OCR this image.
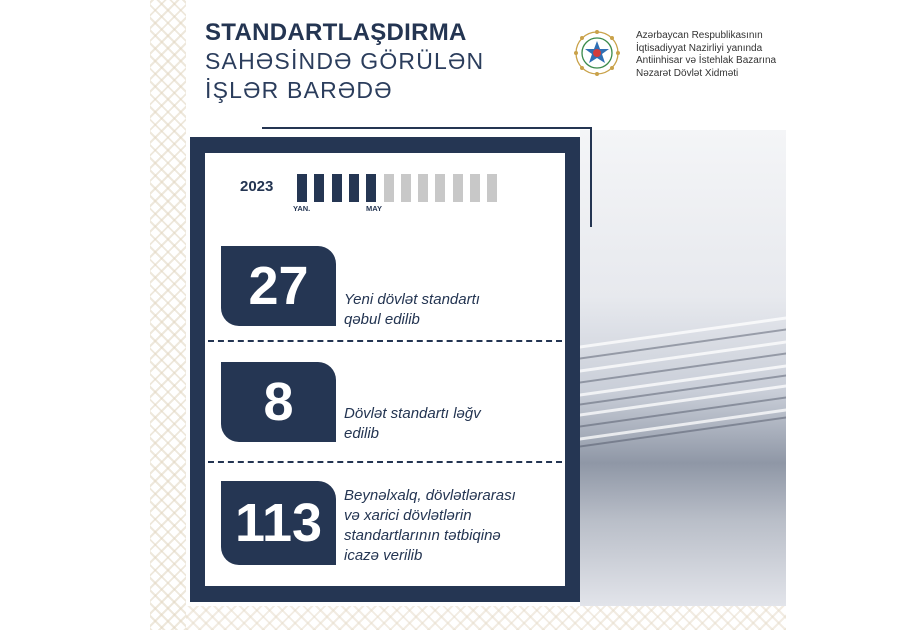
STANDARTLAŞDIRMA
SAHƏSİNDƏ GÖRÜLƏN
İŞLƏR BARƏDƏ
Azərbaycan Respublikasının
İqtisadiyyat Nazirliyi yanında
Antiinhisar və İstehlak Bazarına
Nəzarət Dövlət Xidməti
2023
YAN.	MAY
27 Yeni dövlət standartı
qəbul edilib
8	Dövlət standartı ləğv
edilib
113 Beynəlxalq, dövlətlərarası
və xarici dövlətlərin
standartlarının tətbiqinə
icazə verilib
